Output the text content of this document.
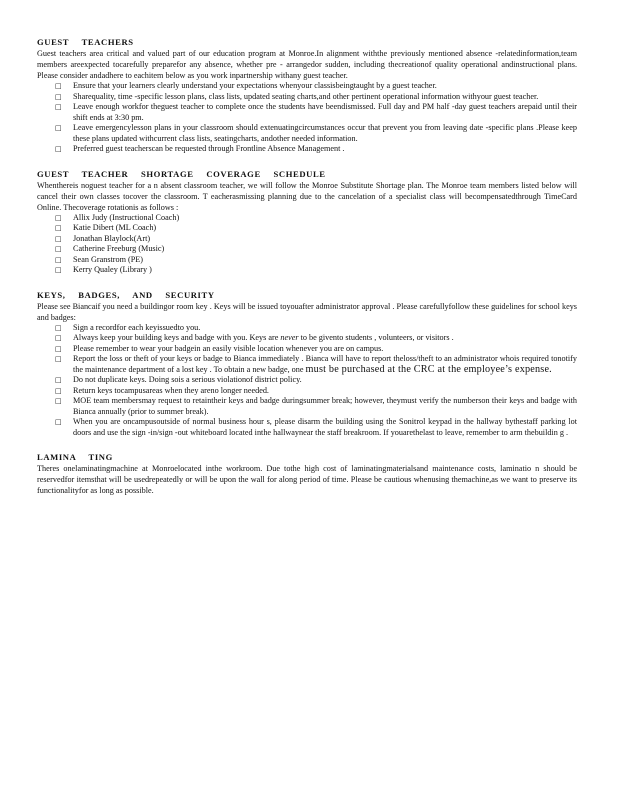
GUEST TEACHERS

Guest teachers area critical and valued part of our education program at Monroe.In alignment withthe previously mentioned absence -relatedinformation,team members areexpected tocarefully preparefor any absence, whether pre - arrangedor sudden, including thecreationof quality operational andinstructional plans. Please consider andadhere to eachitem below as you work inpartnership withany guest teacher.

□ Ensure that your learners clearly understand your expectations whenyour classisbeingtaught by a guest teacher.
□ Sharequality, time -specific lesson plans, class lists, updated seating charts,and other pertinent operational information withyour guest teacher.
□ Leave enough workfor theguest teacher to complete once the students have beendismissed. Full day and PM half -day guest teachers arepaid until their shift ends at 3:30 pm.
□ Leave emergencylesson plans in your classroom should extenuatingcircumstances occur that prevent you from leaving date -specific plans .Please keep these plans updated withcurrent class lists, seatingcharts, andother needed information.
□ Preferred guest teacherscan be requested through Frontline Absence Management .

GUEST TEACHER SHORTAGE COVERAGE SCHEDULE

Whenthereis noguest teacher for a n absent classroom teacher, we will follow the Monroe Substitute Shortage plan. The Monroe team members listed below will cancel their own classes tocover the classroom. T eacherasmissing planning due to the cancelation of a specialist class will becompensatedthrough TimeCard Online. Thecoverage rotationis as follows :

□ Allix Judy (Instructional Coach)
□ Katie Dibert (ML Coach)
□ Jonathan Blaylock(Art)
□ Catherine Freeburg (Music)
□ Sean Granstrom (PE)
□ Kerry Qualey (Library )

KEYS, BADGES, AND SECURITY

Please see Biancaif you need a buildingor room key . Keys will be issued toyouafter administrator approval . Please carefullyfollow these guidelines for school keys and badges:

□ Sign a recordfor each keyissuedto you.
□ Always keep your building keys and badge with you. Keys are never to be givento students , volunteers, or visitors .
□ Please remember to wear your badgein an easily visible location whenever you are on campus.
□ Report the loss or theft of your keys or badge to Bianca immediately . Bianca will have to report theloss/theft to an administrator whois required tonotify the maintenance department of a lost key . To obtain a new badge, one must be purchased at the CRC at the employee’s expense.
□ Do not duplicate keys. Doing sois a serious violationof district policy.
□ Return keys tocampusareas when they areno longer needed.
□ MOE team membersmay request to retaintheir keys and badge duringsummer break; however, theymust verify the numberson their keys and badge with Bianca annually (prior to summer break).
□ When you are oncampusoutside of normal business hour s, please disarm the building using the Sonitrol keypad in the hallway bythestaff parking lot doors and use the sign -in/sign -out whiteboard located inthe hallwaynear the staff breakroom. If youarethelast to leave, remember to arm thebuildin g .

LAMINA TING

Theres onelaminatingmachine at Monroelocated inthe workroom. Due tothe high cost of laminatingmaterialsand maintenance costs, laminatio n should be reservedfor itemsthat will be usedrepeatedly or will be upon the wall for along period of time. Please be cautious whenusing themachine,as we want to preserve its functionalityfor as long as possible.
